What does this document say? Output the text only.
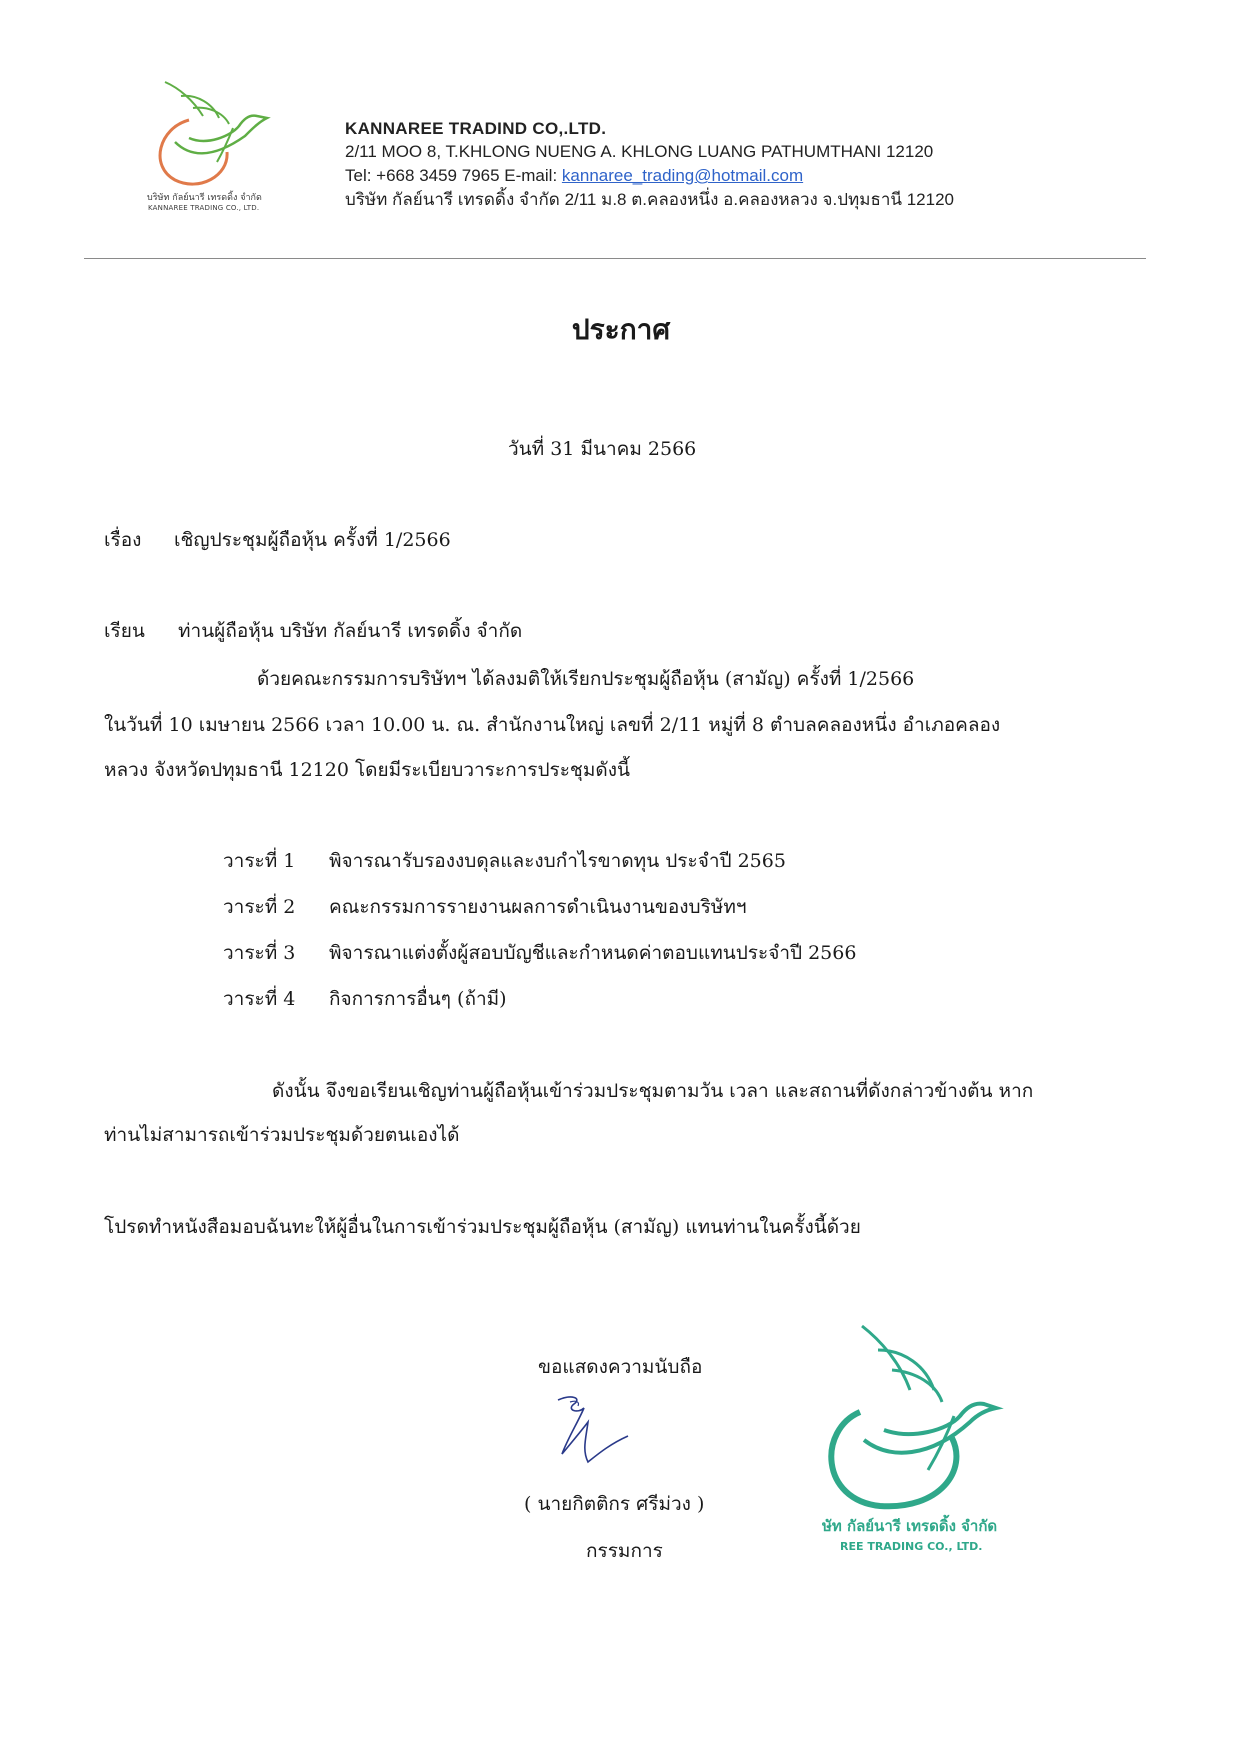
บริษัท กัลย์นารี เทรดดิ้ง จำกัด
KANNAREE TRADING CO., LTD.
KANNAREE TRADIND CO,.LTD.
2/11 MOO 8, T.KHLONG NUENG A. KHLONG LUANG PATHUMTHANI 12120
Tel: +668 3459 7965 E-mail: kannaree_trading@hotmail.com
บริษัท กัลย์นารี เทรดดิ้ง จำกัด 2/11 ม.8 ต.คลองหนึ่ง อ.คลองหลวง จ.ปทุมธานี 12120
ประกาศ
วันที่ 31 มีนาคม 2566
เรื่อง เชิญประชุมผู้ถือหุ้น ครั้งที่ 1/2566
เรียน ท่านผู้ถือหุ้น บริษัท กัลย์นารี เทรดดิ้ง จำกัด
ด้วยคณะกรรมการบริษัทฯ ได้ลงมติให้เรียกประชุมผู้ถือหุ้น (สามัญ) ครั้งที่ 1/2566
ในวันที่ 10 เมษายน 2566 เวลา 10.00 น. ณ. สำนักงานใหญ่ เลขที่ 2/11 หมู่ที่ 8 ตำบลคลองหนึ่ง อำเภอคลอง
หลวง จังหวัดปทุมธานี 12120 โดยมีระเบียบวาระการประชุมดังนี้
วาระที่ 1 พิจารณารับรองงบดุลและงบกำไรขาดทุน ประจำปี 2565
วาระที่ 2 คณะกรรมการรายงานผลการดำเนินงานของบริษัทฯ
วาระที่ 3 พิจารณาแต่งตั้งผู้สอบบัญชีและกำหนดค่าตอบแทนประจำปี 2566
วาระที่ 4 กิจการการอื่นๆ (ถ้ามี)
ดังนั้น จึงขอเรียนเชิญท่านผู้ถือหุ้นเข้าร่วมประชุมตามวัน เวลา และสถานที่ดังกล่าวข้างต้น หาก
ท่านไม่สามารถเข้าร่วมประชุมด้วยตนเองได้
โปรดทำหนังสือมอบฉันทะให้ผู้อื่นในการเข้าร่วมประชุมผู้ถือหุ้น (สามัญ) แทนท่านในครั้งนี้ด้วย
ขอแสดงความนับถือ
( นายกิตติกร ศรีม่วง )
กรรมการ
ษัท กัลย์นารี เทรดดิ้ง จำกัด
REE TRADING CO., LTD.
